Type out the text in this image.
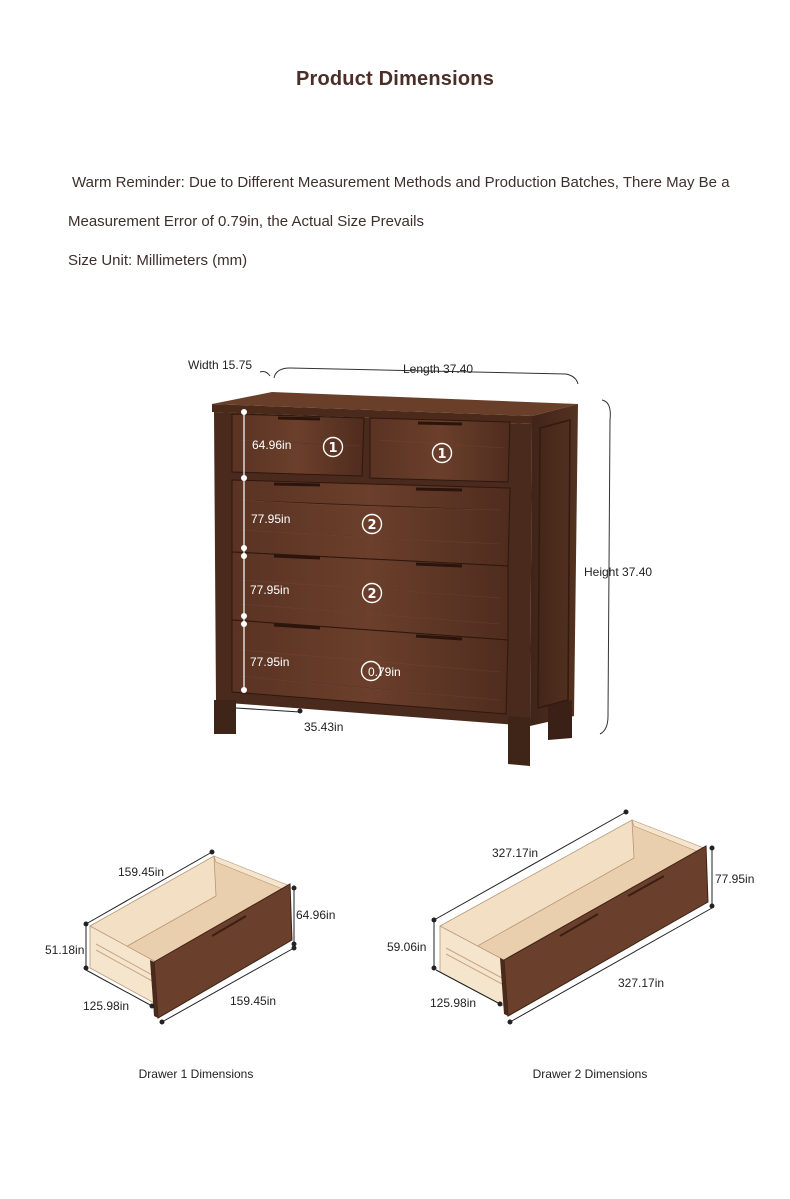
Product Dimensions
Warm Reminder: Due to Different Measurement Methods and Production Batches, There May Be a
Measurement Error of 0.79in, the Actual Size Prevails
Size Unit: Millimeters (mm)
Width 15.75	Length 37.40
Height 37.40
64.96in
77.95in
77.95in
77.95in
0.79in
35.43in
1	1
2
2
159.45in
64.96in
51.18in
125.98in	159.45in
Drawer 1 Dimensions
327.17in
77.95in
59.06in
125.98in
327.17in
Drawer 2 Dimensions
